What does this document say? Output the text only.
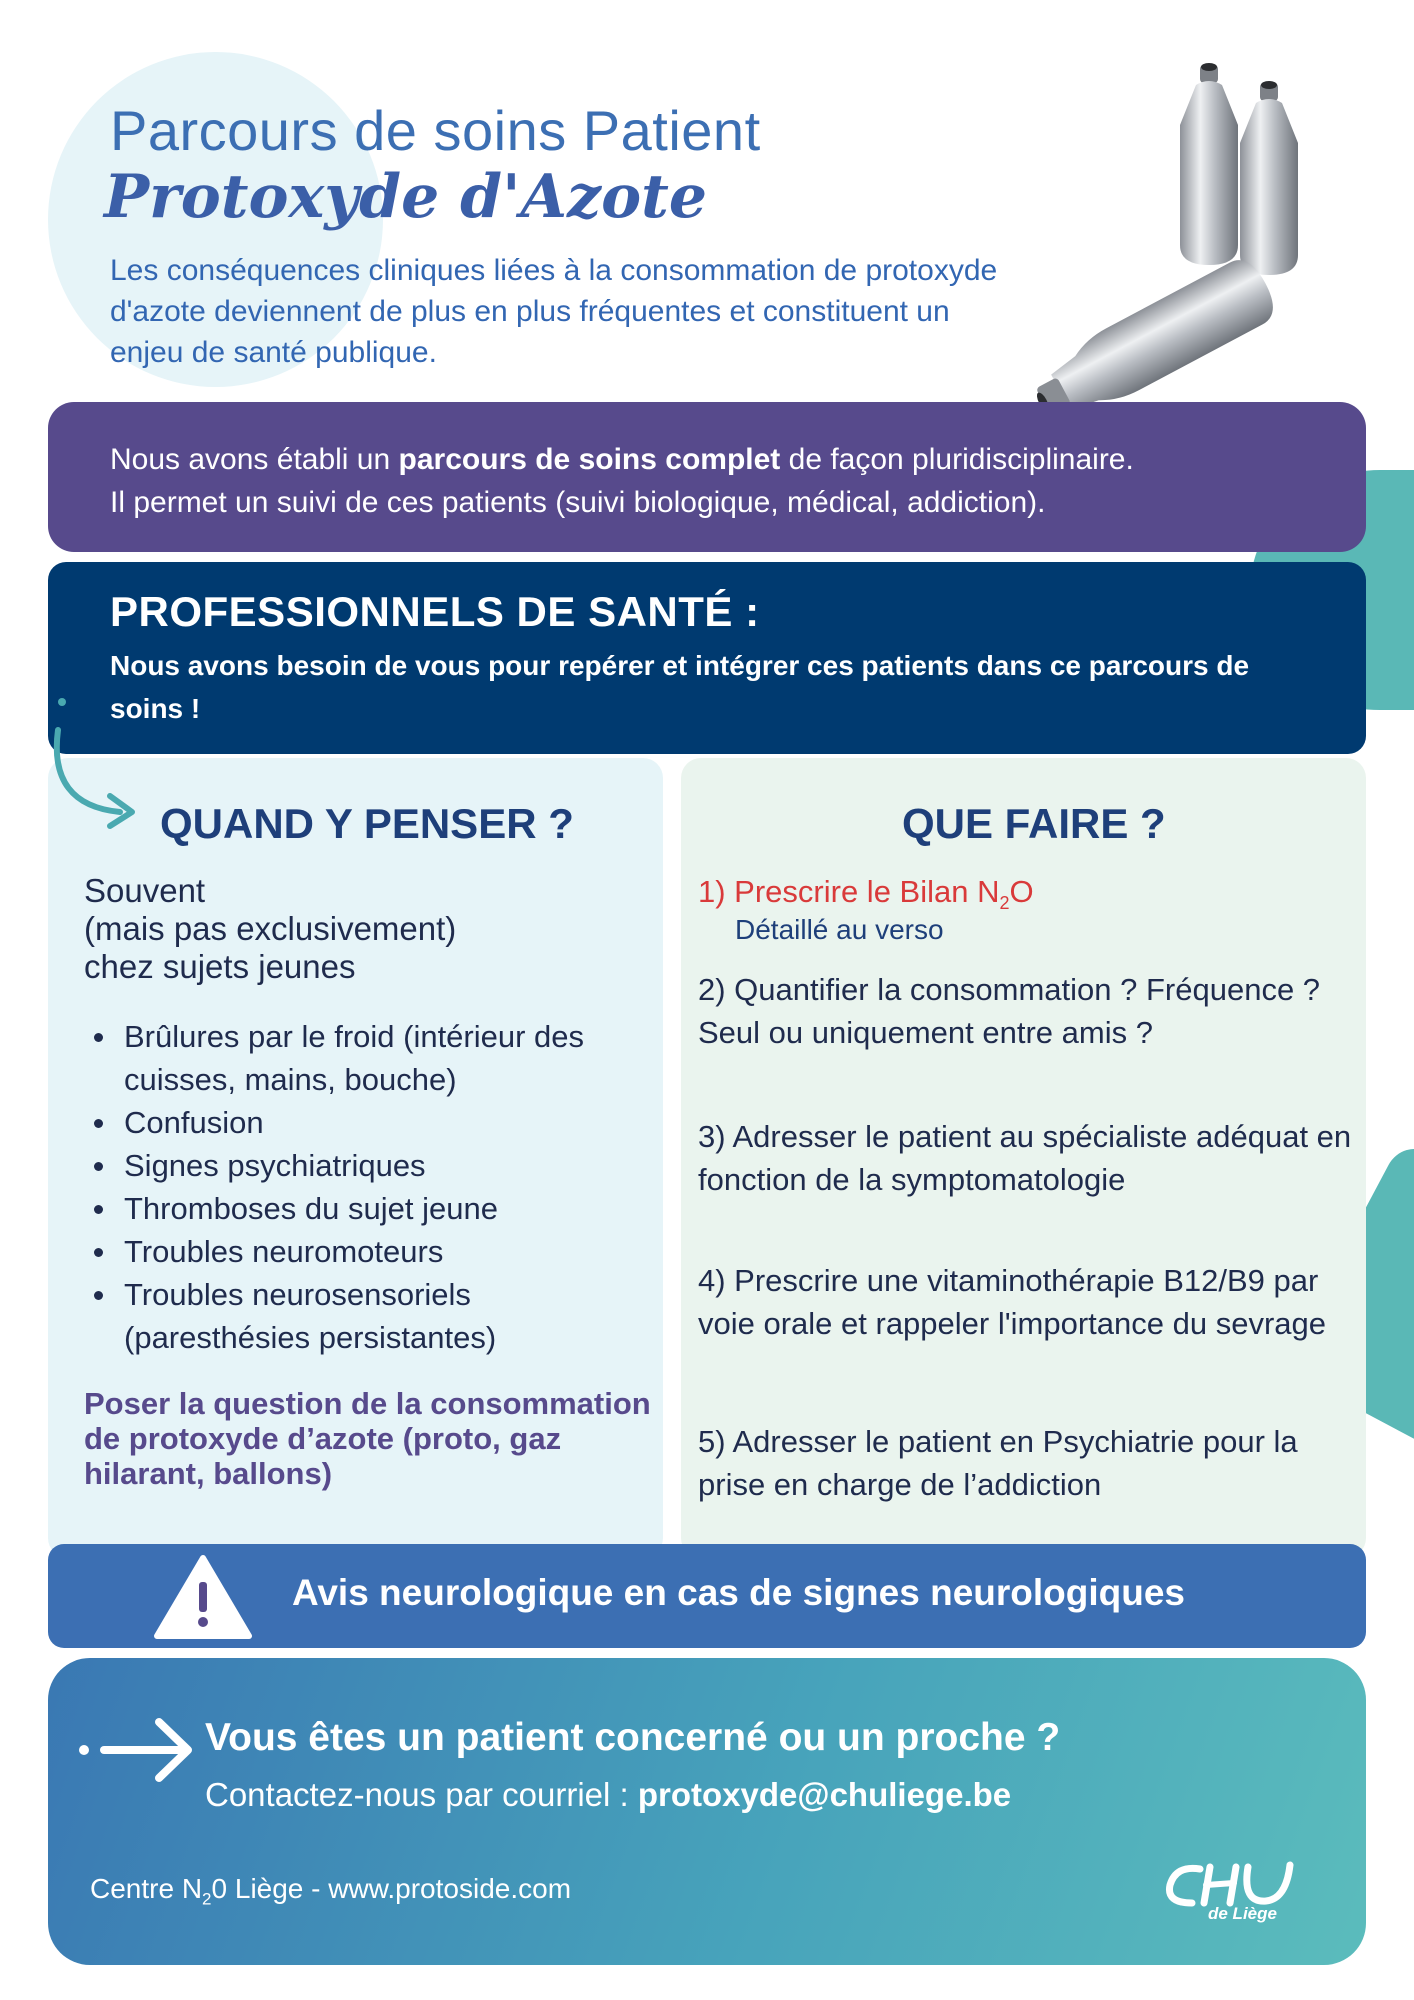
Parcours de soins Patient
Protoxyde d'Azote
Les conséquences cliniques liées à la consommation de protoxyde d'azote deviennent de plus en plus fréquentes et constituent un enjeu de santé publique.
Nous avons établi un parcours de soins complet de façon pluridisciplinaire.
Il permet un suivi de ces patients (suivi biologique, médical, addiction).
PROFESSIONNELS DE SANTÉ :
Nous avons besoin de vous pour repérer et intégrer ces patients dans ce parcours de soins !
QUAND Y PENSER ?	QUE FAIRE ?
Souvent
(mais pas exclusivement)
chez sujets jeunes
Brûlures par le froid (intérieur des cuisses, mains, bouche)
Confusion
Signes psychiatriques
Thromboses du sujet jeune
Troubles neuromoteurs
Troubles neurosensoriels (paresthésies persistantes)
Poser la question de la consommation de protoxyde d’azote (proto, gaz hilarant, ballons)
1) Prescrire le Bilan $N_2O$
Détaillé au verso
2) Quantifier la consommation ? Fréquence ? Seul ou uniquement entre amis ?
3) Adresser le patient au spécialiste adéquat en fonction de la symptomatologie
4) Prescrire une vitaminothérapie B12/B9 par voie orale et rappeler l'importance du sevrage
5) Adresser le patient en Psychiatrie pour la prise en charge de l’addiction
Avis neurologique en cas de signes neurologiques
Vous êtes un patient concerné ou un proche ?
Contactez-nous par courriel : protoxyde@chuliege.be
Centre $N_20$ Liège - www.protoside.com
de Liège
